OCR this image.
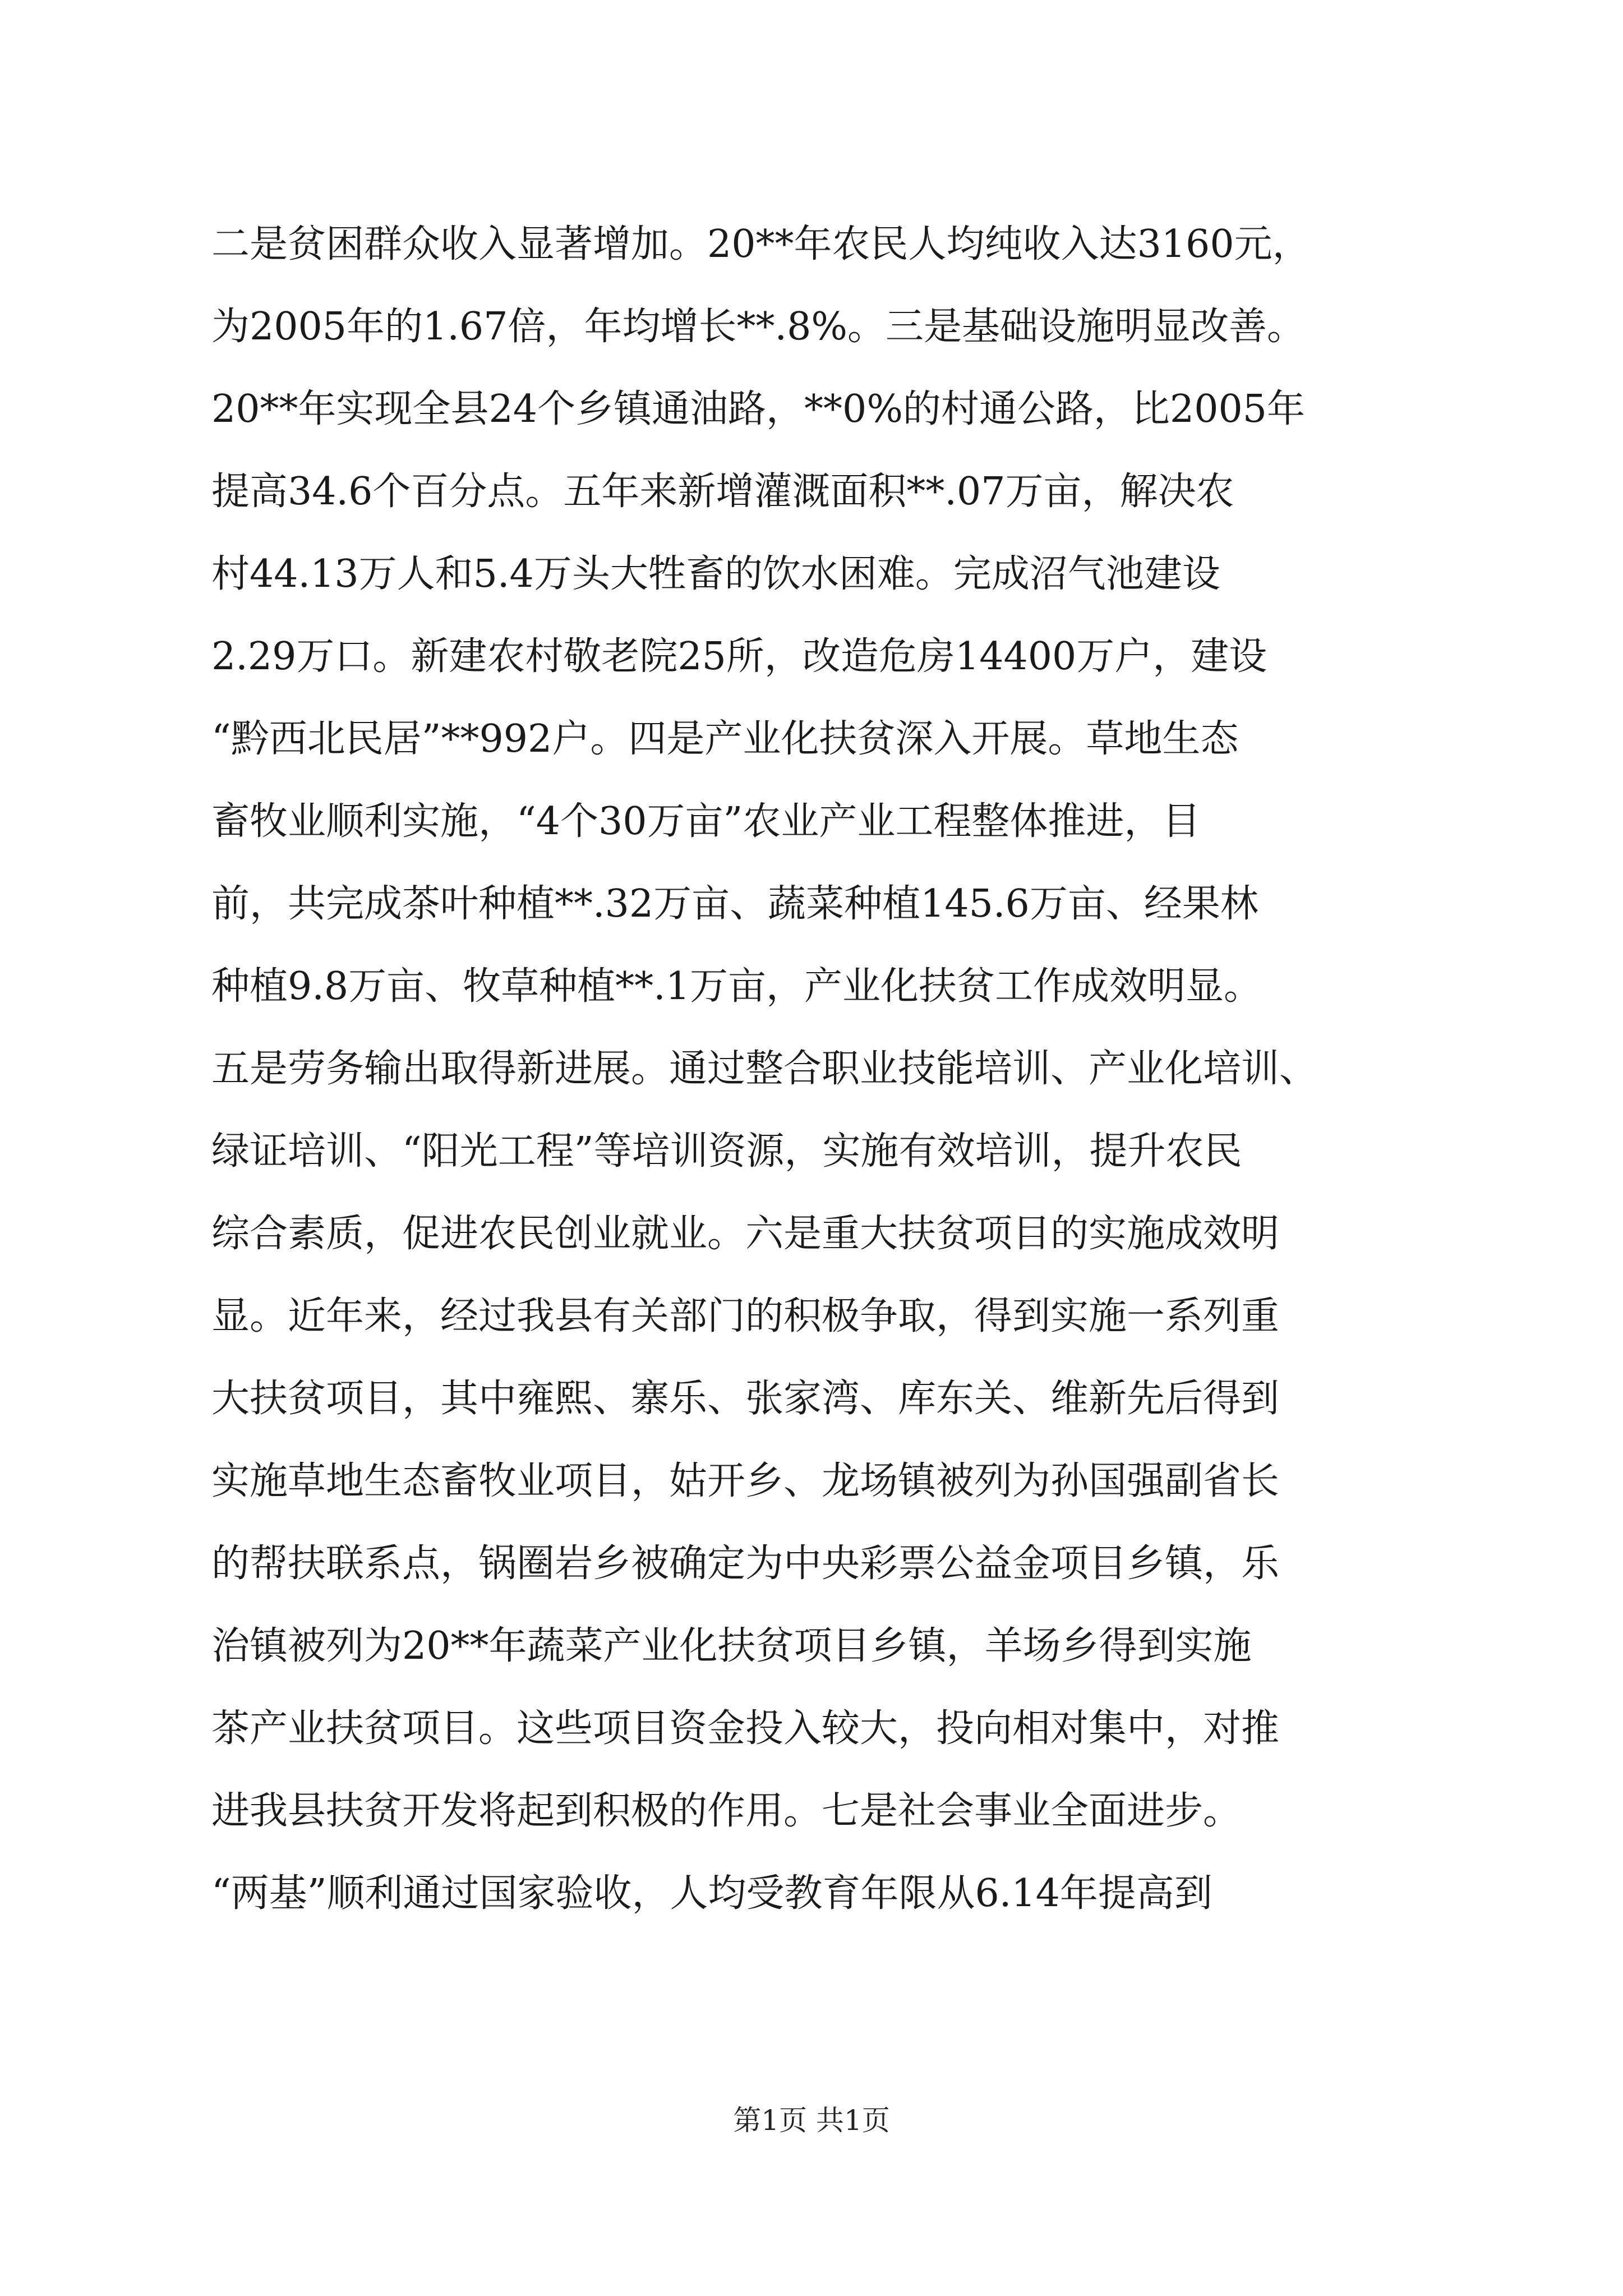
二是贫困群众收入显著增加。20**年农民人均纯收入达3160元，
为2005年的1.67倍，年均增长**.8%。三是基础设施明显改善。
20**年实现全县24个乡镇通油路，**0%的村通公路，比2005年
提高34.6个百分点。五年来新增灌溉面积**.07万亩，解决农
村44.13万人和5.4万头大牲畜的饮水困难。完成沼气池建设
2.29万口。新建农村敬老院25所，改造危房14400万户，建设
“黔西北民居”**992户。四是产业化扶贫深入开展。草地生态
畜牧业顺利实施，“4个30万亩”农业产业工程整体推进，目
前，共完成茶叶种植**.32万亩、蔬菜种植145.6万亩、经果林
种植9.8万亩、牧草种植**.1万亩，产业化扶贫工作成效明显。
五是劳务输出取得新进展。通过整合职业技能培训、产业化培训、
绿证培训、“阳光工程”等培训资源，实施有效培训，提升农民
综合素质，促进农民创业就业。六是重大扶贫项目的实施成效明
显。近年来，经过我县有关部门的积极争取，得到实施一系列重
大扶贫项目，其中雍熙、寨乐、张家湾、库东关、维新先后得到
实施草地生态畜牧业项目，姑开乡、龙场镇被列为孙国强副省长
的帮扶联系点，锅圈岩乡被确定为中央彩票公益金项目乡镇，乐
治镇被列为20**年蔬菜产业化扶贫项目乡镇，羊场乡得到实施
茶产业扶贫项目。这些项目资金投入较大，投向相对集中，对推
进我县扶贫开发将起到积极的作用。七是社会事业全面进步。
“两基”顺利通过国家验收，人均受教育年限从6.14年提高到
第1页 共1页
